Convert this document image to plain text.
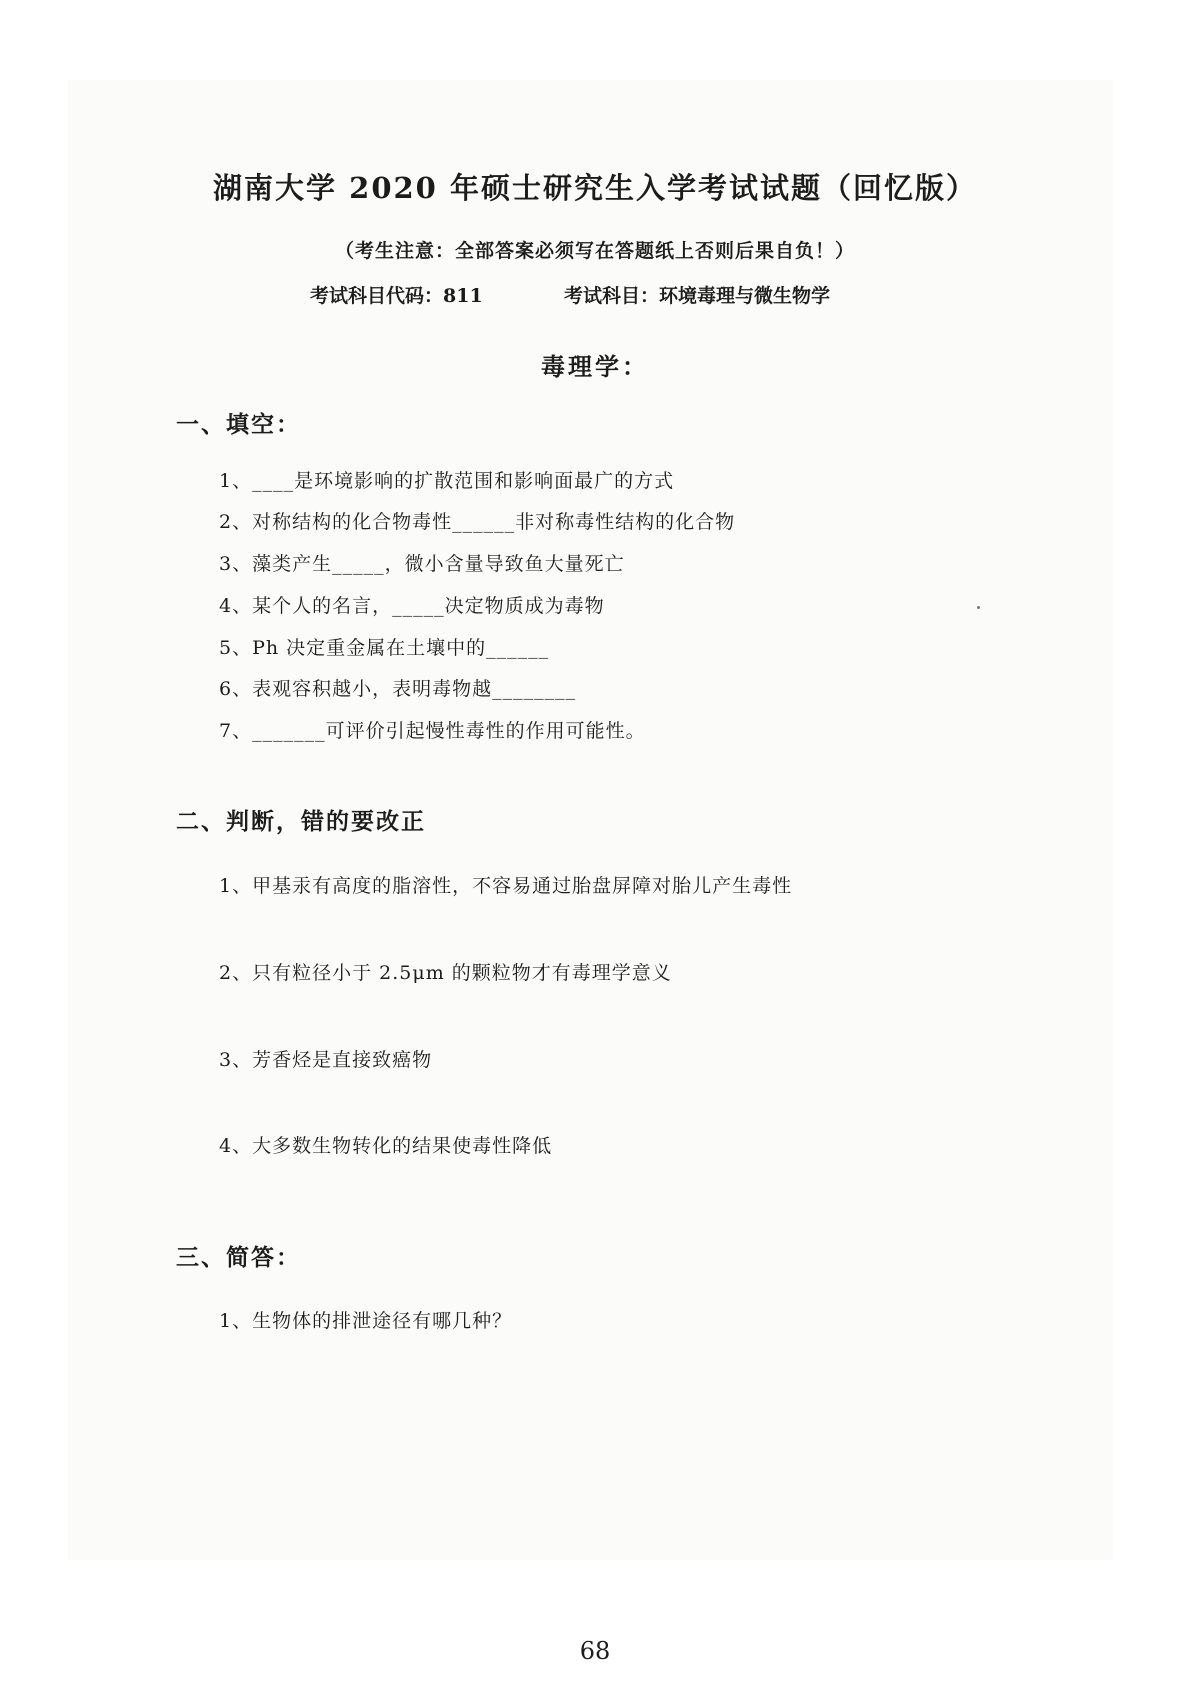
湖南大学 2020 年硕士研究生入学考试试题（回忆版）
（考生注意：全部答案必须写在答题纸上否则后果自负！）
考试科目代码：811	考试科目：环境毒理与微生物学
毒理学：
一、填空：
1、____是环境影响的扩散范围和影响面最广的方式
2、对称结构的化合物毒性______非对称毒性结构的化合物
3、藻类产生_____，微小含量导致鱼大量死亡
4、某个人的名言，_____决定物质成为毒物
5、Ph 决定重金属在土壤中的______
6、表观容积越小，表明毒物越________
7、_______可评价引起慢性毒性的作用可能性。
二、判断，错的要改正
1、甲基汞有高度的脂溶性，不容易通过胎盘屏障对胎儿产生毒性
2、只有粒径小于 2.5μm 的颗粒物才有毒理学意义
3、芳香烃是直接致癌物
4、大多数生物转化的结果使毒性降低
三、简答：
1、生物体的排泄途径有哪几种？
68
